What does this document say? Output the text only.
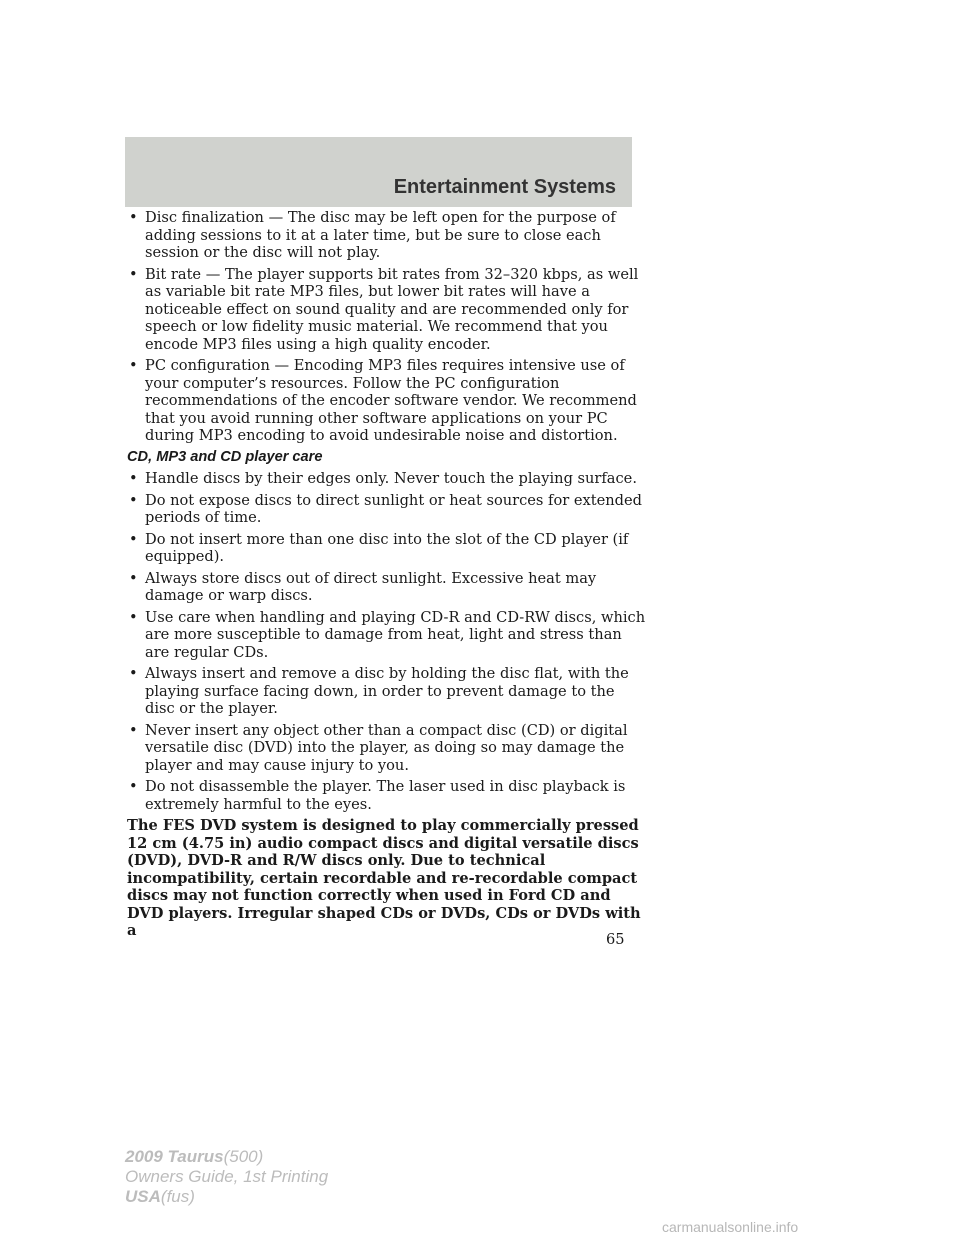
Entertainment Systems
• Disc finalization — The disc may be left open for the purpose of adding sessions to it at a later time, but be sure to close each session or the disc will not play.
• Bit rate — The player supports bit rates from 32–320 kbps, as well as variable bit rate MP3 files, but lower bit rates will have a noticeable effect on sound quality and are recommended only for speech or low fidelity music material. We recommend that you encode MP3 files using a high quality encoder.
• PC configuration — Encoding MP3 files requires intensive use of your computer’s resources. Follow the PC configuration recommendations of the encoder software vendor. We recommend that you avoid running other software applications on your PC during MP3 encoding to avoid undesirable noise and distortion.
CD, MP3 and CD player care
• Handle discs by their edges only. Never touch the playing surface.
• Do not expose discs to direct sunlight or heat sources for extended periods of time.
• Do not insert more than one disc into the slot of the CD player (if equipped).
• Always store discs out of direct sunlight. Excessive heat may damage or warp discs.
• Use care when handling and playing CD-R and CD-RW discs, which are more susceptible to damage from heat, light and stress than are regular CDs.
• Always insert and remove a disc by holding the disc flat, with the playing surface facing down, in order to prevent damage to the disc or the player.
• Never insert any object other than a compact disc (CD) or digital versatile disc (DVD) into the player, as doing so may damage the player and may cause injury to you.
• Do not disassemble the player. The laser used in disc playback is extremely harmful to the eyes.

The FES DVD system is designed to play commercially pressed 12 cm (4.75 in) audio compact discs and digital versatile discs (DVD), DVD-R and R/W discs only. Due to technical incompatibility, certain recordable and re-recordable compact discs may not function correctly when used in Ford CD and DVD players. Irregular shaped CDs or DVDs, CDs or DVDs with a

65
2009 Taurus(500)
Owners Guide, 1st Printing
USA(fus)
carmanualsonline.info
